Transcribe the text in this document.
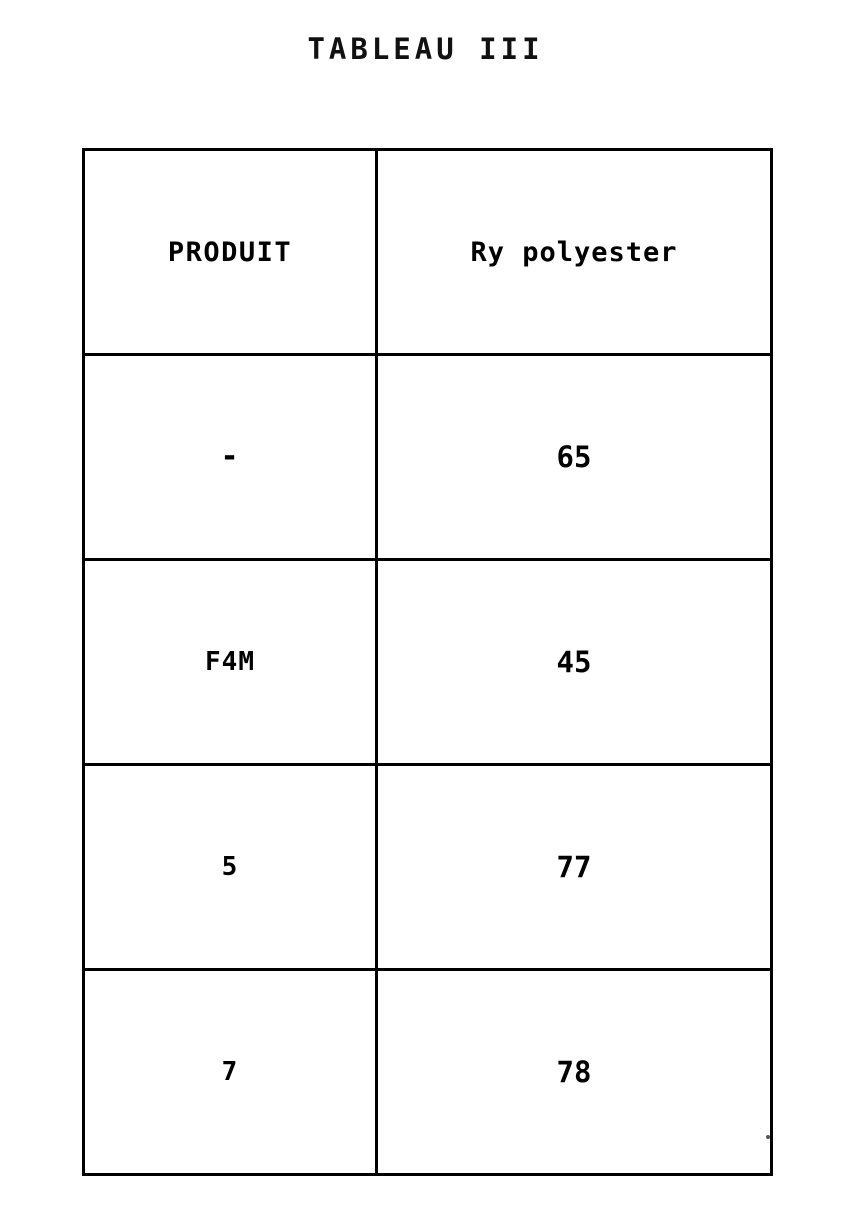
TABLEAU III
PRODUIT	Ry polyester
-	65
F4M	45
5	77
7	78
